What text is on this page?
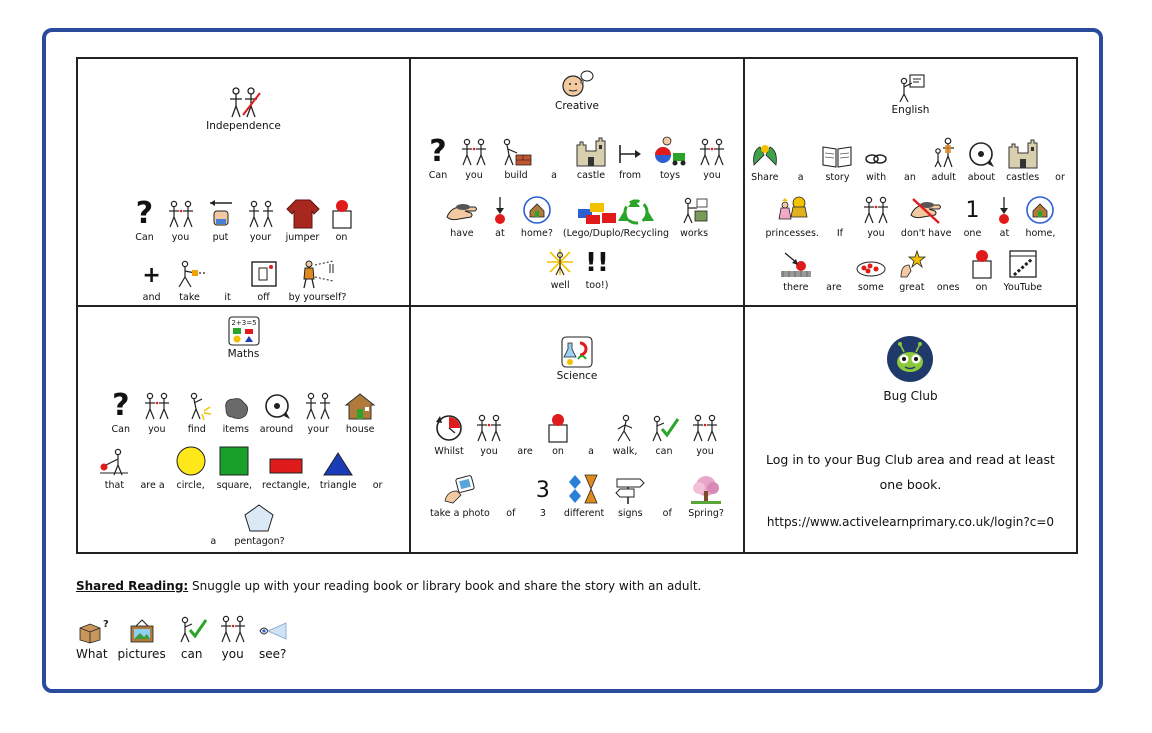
Independence
?
Can you put your jumper on
+
and take	it	off by yourself?
Creative
?
Can you build a castle from toys you
have at home? (Lego/Duplo/Recycling works
well
!!
too!)
English
Share a story with an adult about castles or
princesses. If	you don't have
1
one at home,
there are some great ones on YouTube
2+3=5
Maths
?
Can you find items around your house
that are a circle, square, rectangle, triangle or
a pentagon?
Science
Whilst you are on	a walk, can you
take a photo of
3
3 different signs of Spring?
Bug Club
Log in to your Bug Club area and read at least one book.
https://www.activelearnprimary.co.uk/login?c=0
Shared Reading: Snuggle up with your reading book or library book and share the story with an adult.
?
What pictures can you see?
